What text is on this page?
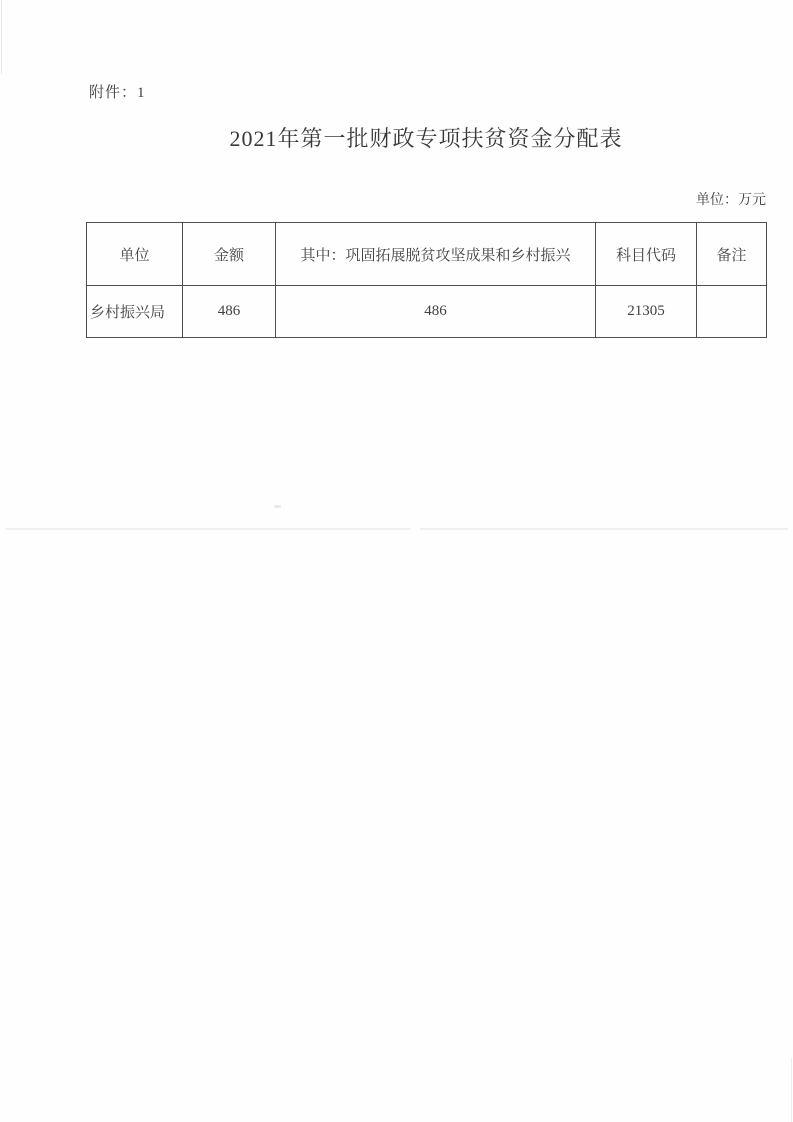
附件：1
2021年第一批财政专项扶贫资金分配表
单位：万元
单位	金额	其中：巩固拓展脱贫攻坚成果和乡村振兴	科目代码	备注
乡村振兴局	486	486	21305	
